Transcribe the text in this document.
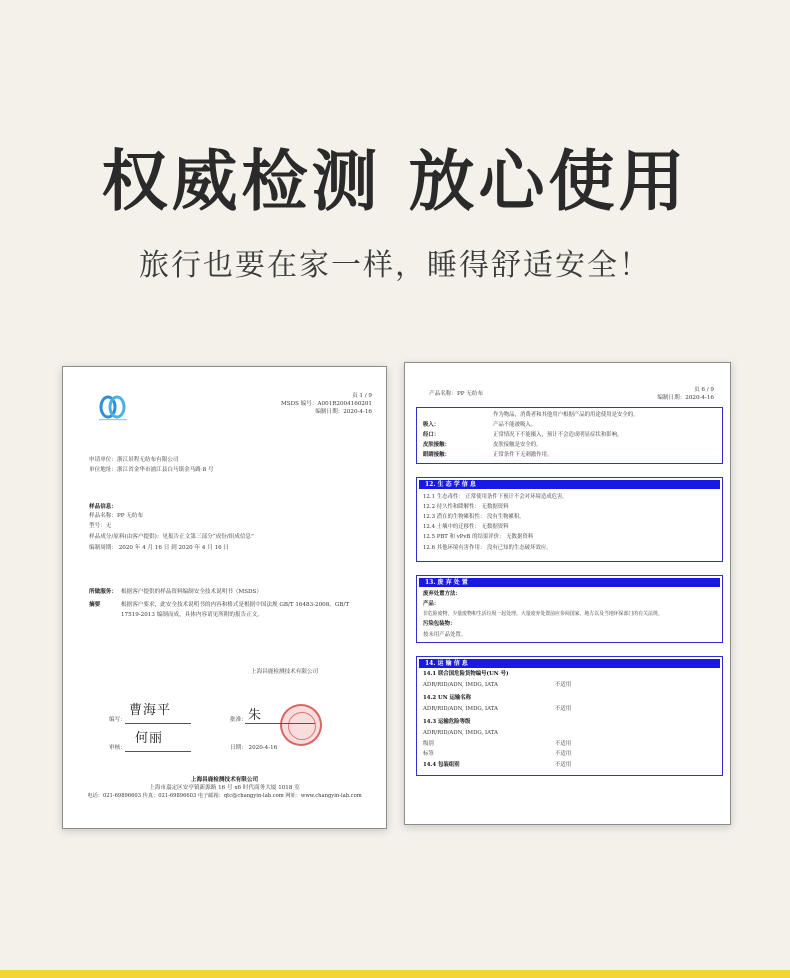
权威检测 放心使用
旅行也要在家一样，睡得舒适安全！
页 1 / 9
MSDS 编号：A001R2004160201
编制日期：2020-4-16
申请单位：浙江景程无纺布有限公司
单位地址：浙江省金华市浦江县白马镇金马路 8 号
样品信息：
样品名称：PP 无纺布
型号：无
样品成分/原料(由客户提供)：见报告正文第三部分“成份/组成信息”
编制周期： 2020 年 4 月 16 日 到 2020 年 4 月 16 日
所做服务： 根据客户提供的样品资料编制安全技术说明书（MSDS）
摘要	根据客户要求，此安全技术说明书的内容和格式是根据中国法规 GB/T 16483-2008、GB/T
17519-2013 编制而成，具体内容请见所附的报告正文。
上海昌鹿检测技术有限公司
编写：
曹海平
批准： 朱
审核：
何丽
日期： 2020-4-16
上海昌鹿检测技术有限公司
上海市嘉定区安亭镇新源路 16 号 x6 时代商务大厦 1018 室
电话：021-69896603 传真：021-69896603 电子邮箱：qtc@changyin-lab.com 网址：www.changyin-lab.com
产品名称：PP 无纺布
页 6 / 9
编制日期：2020-4-16
作为物品，消费者和其他用户根据产品的用途使用是安全的。
吸入：	产品不能被吸入。
经口：	正常情况下不能摄入，预计不会造成明显症状和影响。
皮肤接触：	皮肤接触是安全的。
眼睛接触：	正常条件下无刺激作用。
12. 生 态 学 信 息
12.1 生态毒性： 正常使用条件下预计不会对环境造成危害。
12.2 持久性和降解性： 无数据资料
12.3 潜在的生物累积性： 没有生物累积。
12.4 土壤中的迁移性： 无数据资料
12.5 PBT 和 vPvB 的结果评价： 无数据资料
12.6 其他环境有害作用： 没有已知的生态破坏效应。
13. 废 弃 处 置
废弃处置方法：
产品：
非危险废物，少量废物和生活垃圾一起处理。大量废弃处置前应参阅国家、地方以及当地环保部门的有关法规。
污染包装物：
按未用产品处置。
14. 运 输 信 息
14.1 联合国危险货物编号(UN 号)
ADR/RID/ADN, IMDG, IATA	不适用
14.2 UN 运输名称
ADR/RID/ADN, IMDG, IATA	不适用
14.3 运输危险等级
ADR/RID/ADN, IMDG, IATA
级别	不适用
标签	不适用
14.4 包装组别	不适用
